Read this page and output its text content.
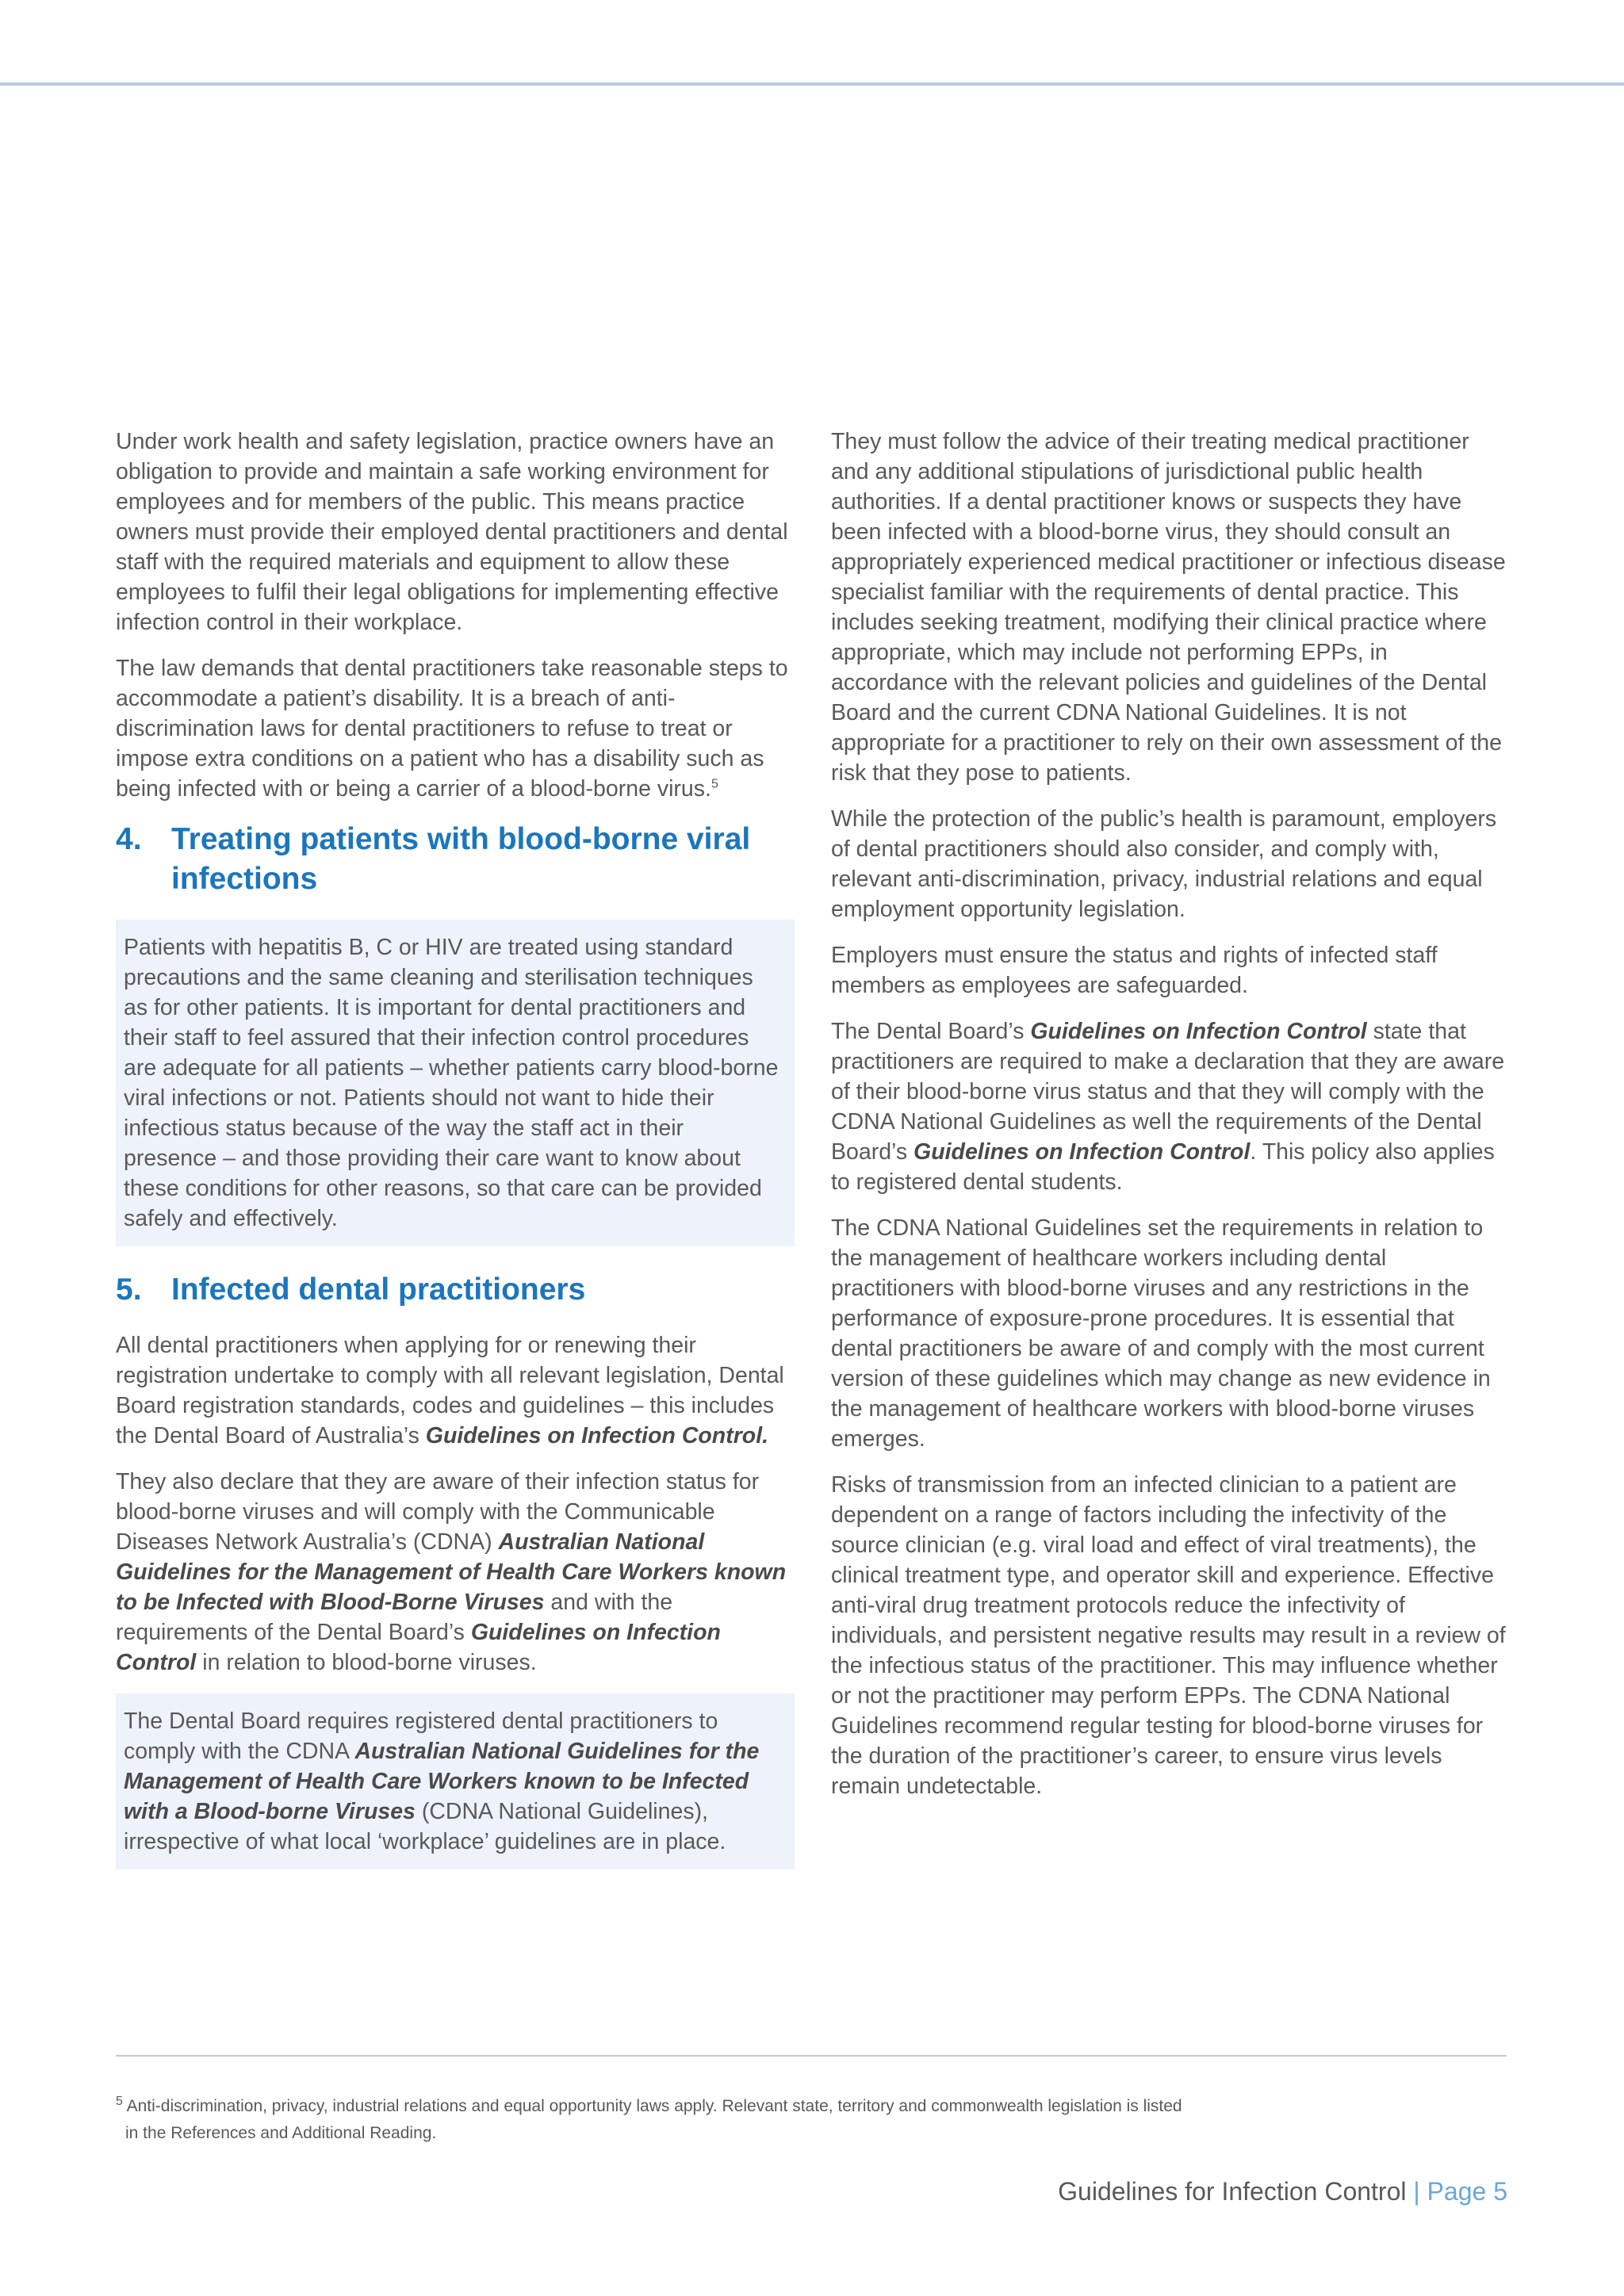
Under work health and safety legislation, practice owners have an obligation to provide and maintain a safe working environment for employees and for members of the public. This means practice owners must provide their employed dental practitioners and dental staff with the required materials and equipment to allow these employees to fulfil their legal obligations for implementing effective infection control in their workplace.

The law demands that dental practitioners take reasonable steps to accommodate a patient’s disability. It is a breach of anti-discrimination laws for dental practitioners to refuse to treat or impose extra conditions on a patient who has a disability such as being infected with or being a carrier of a blood-borne virus.$^5$

4. Treating patients with blood-borne viral infections

Patients with hepatitis B, C or HIV are treated using standard precautions and the same cleaning and sterilisation techniques as for other patients. It is important for dental practitioners and their staff to feel assured that their infection control procedures are adequate for all patients – whether patients carry blood-borne viral infections or not. Patients should not want to hide their infectious status because of the way the staff act in their presence – and those providing their care want to know about these conditions for other reasons, so that care can be provided safely and effectively.

5. Infected dental practitioners

All dental practitioners when applying for or renewing their registration undertake to comply with all relevant legislation, Dental Board registration standards, codes and guidelines – this includes the Dental Board of Australia’s Guidelines on Infection Control.

They also declare that they are aware of their infection status for blood-borne viruses and will comply with the Communicable Diseases Network Australia’s (CDNA) Australian National Guidelines for the Management of Health Care Workers known to be Infected with Blood-Borne Viruses and with the requirements of the Dental Board’s Guidelines on Infection Control in relation to blood-borne viruses.

The Dental Board requires registered dental practitioners to comply with the CDNA Australian National Guidelines for the Management of Health Care Workers known to be Infected with a Blood-borne Viruses (CDNA National Guidelines), irrespective of what local ‘workplace’ guidelines are in place.

They must follow the advice of their treating medical practitioner and any additional stipulations of jurisdictional public health authorities. If a dental practitioner knows or suspects they have been infected with a blood-borne virus, they should consult an appropriately experienced medical practitioner or infectious disease specialist familiar with the requirements of dental practice. This includes seeking treatment, modifying their clinical practice where appropriate, which may include not performing EPPs, in accordance with the relevant policies and guidelines of the Dental Board and the current CDNA National Guidelines. It is not appropriate for a practitioner to rely on their own assessment of the risk that they pose to patients.

While the protection of the public’s health is paramount, employers of dental practitioners should also consider, and comply with, relevant anti-discrimination, privacy, industrial relations and equal employment opportunity legislation.

Employers must ensure the status and rights of infected staff members as employees are safeguarded.

The Dental Board’s Guidelines on Infection Control state that practitioners are required to make a declaration that they are aware of their blood-borne virus status and that they will comply with the CDNA National Guidelines as well the requirements of the Dental Board’s Guidelines on Infection Control. This policy also applies to registered dental students.

The CDNA National Guidelines set the requirements in relation to the management of healthcare workers including dental practitioners with blood-borne viruses and any restrictions in the performance of exposure-prone procedures. It is essential that dental practitioners be aware of and comply with the most current version of these guidelines which may change as new evidence in the management of healthcare workers with blood-borne viruses emerges.

Risks of transmission from an infected clinician to a patient are dependent on a range of factors including the infectivity of the source clinician (e.g. viral load and effect of viral treatments), the clinical treatment type, and operator skill and experience. Effective anti-viral drug treatment protocols reduce the infectivity of individuals, and persistent negative results may result in a review of the infectious status of the practitioner. This may influence whether or not the practitioner may perform EPPs. The CDNA National Guidelines recommend regular testing for blood-borne viruses for the duration of the practitioner’s career, to ensure virus levels remain undetectable.

$^5$ Anti-discrimination, privacy, industrial relations and equal opportunity laws apply. Relevant state, territory and commonwealth legislation is listed
in the References and Additional Reading.
Guidelines for Infection Control | Page 5
